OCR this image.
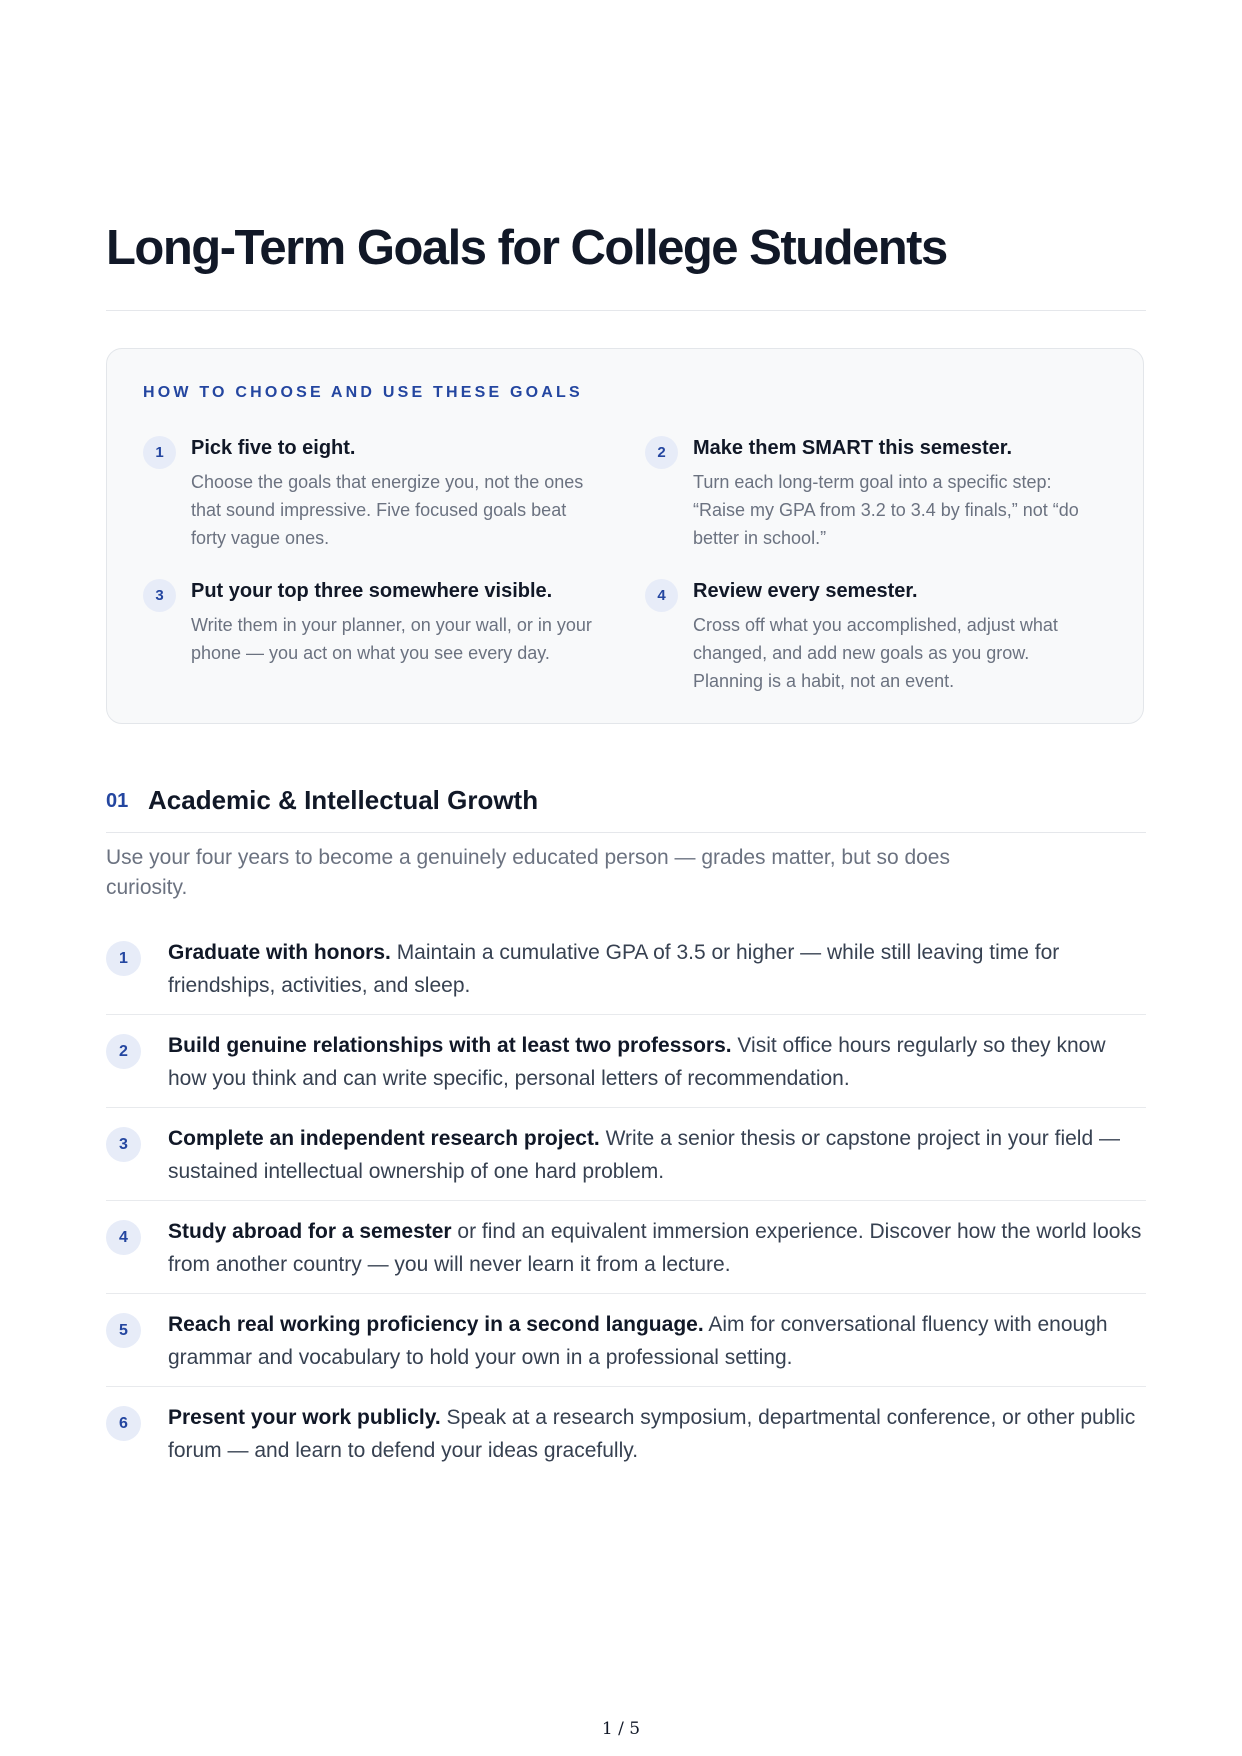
Long-Term Goals for College Students
HOW TO CHOOSE AND USE THESE GOALS
1	Pick five to eight.
Choose the goals that energize you, not the ones that sound impressive. Five focused goals beat forty vague ones.
2	Make them SMART this semester.
Turn each long-term goal into a specific step: “Raise my GPA from 3.2 to 3.4 by finals,” not “do better in school.”
3	Put your top three somewhere visible.
Write them in your planner, on your wall, or in your phone — you act on what you see every day.
4	Review every semester.
Cross off what you accomplished, adjust what changed, and add new goals as you grow. Planning is a habit, not an event.
01 Academic & Intellectual Growth

Use your four years to become a genuinely educated person — grades matter, but so does curiosity.

1	Graduate with honors. Maintain a cumulative GPA of 3.5 or higher — while still leaving time for friendships, activities, and sleep.
2	Build genuine relationships with at least two professors. Visit office hours regularly so they know how you think and can write specific, personal letters of recommendation.
3	Complete an independent research project. Write a senior thesis or capstone project in your field — sustained intellectual ownership of one hard problem.
4	Study abroad for a semester or find an equivalent immersion experience. Discover how the world looks from another country — you will never learn it from a lecture.
5	Reach real working proficiency in a second language. Aim for conversational fluency with enough grammar and vocabulary to hold your own in a professional setting.
6	Present your work publicly. Speak at a research symposium, departmental conference, or other public forum — and learn to defend your ideas gracefully.
1 / 5
